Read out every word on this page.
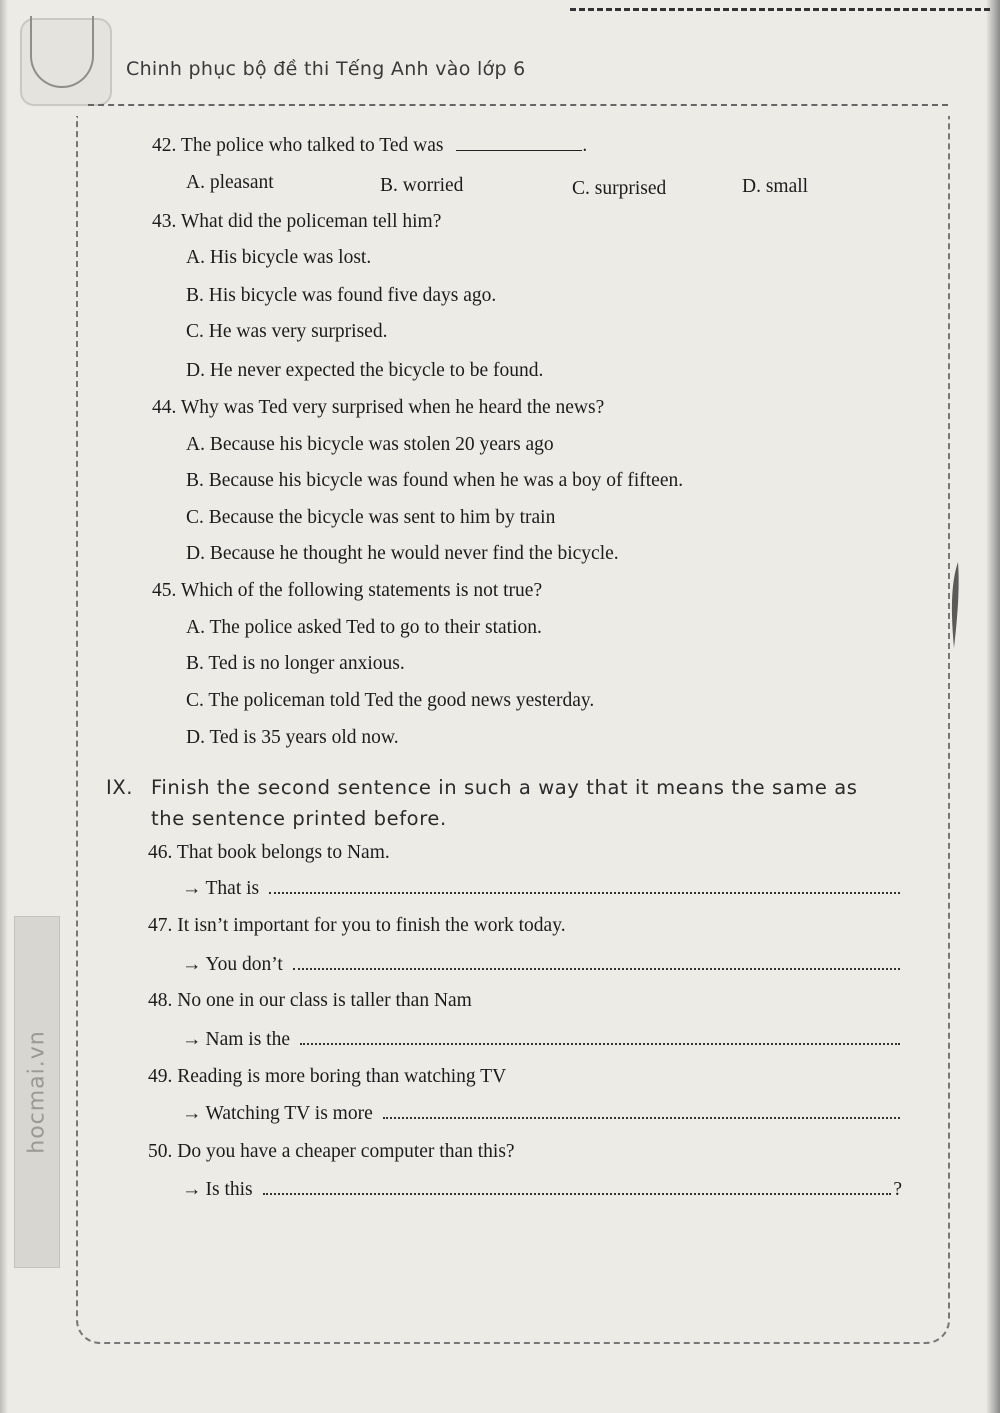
Chinh phục bộ đề thi Tếng Anh vào lớp 6
hocmai.vn
42. The police who talked to Ted was	.
A. pleasant	B. worried	C. surprised	D. small
43. What did the policeman tell him?
A. His bicycle was lost.
B. His bicycle was found five days ago.
C. He was very surprised.
D. He never expected the bicycle to be found.
44. Why was Ted very surprised when he heard the news?
A. Because his bicycle was stolen 20 years ago
B. Because his bicycle was found when he was a boy of fifteen.
C. Because the bicycle was sent to him by train
D. Because he thought he would never find the bicycle.
45. Which of the following statements is not true?
A. The police asked Ted to go to their station.
B. Ted is no longer anxious.
C. The policeman told Ted the good news yesterday.
D. Ted is 35 years old now.
IX. Finish the second sentence in such a way that it means the same as
the sentence printed before.
46. That book belongs to Nam.
→ That is
47. It isn’t important for you to finish the work today.
→ You don’t
48. No one in our class is taller than Nam
→ Nam is the
49. Reading is more boring than watching TV
→ Watching TV is more
50. Do you have a cheaper computer than this?
→ Is this	?
